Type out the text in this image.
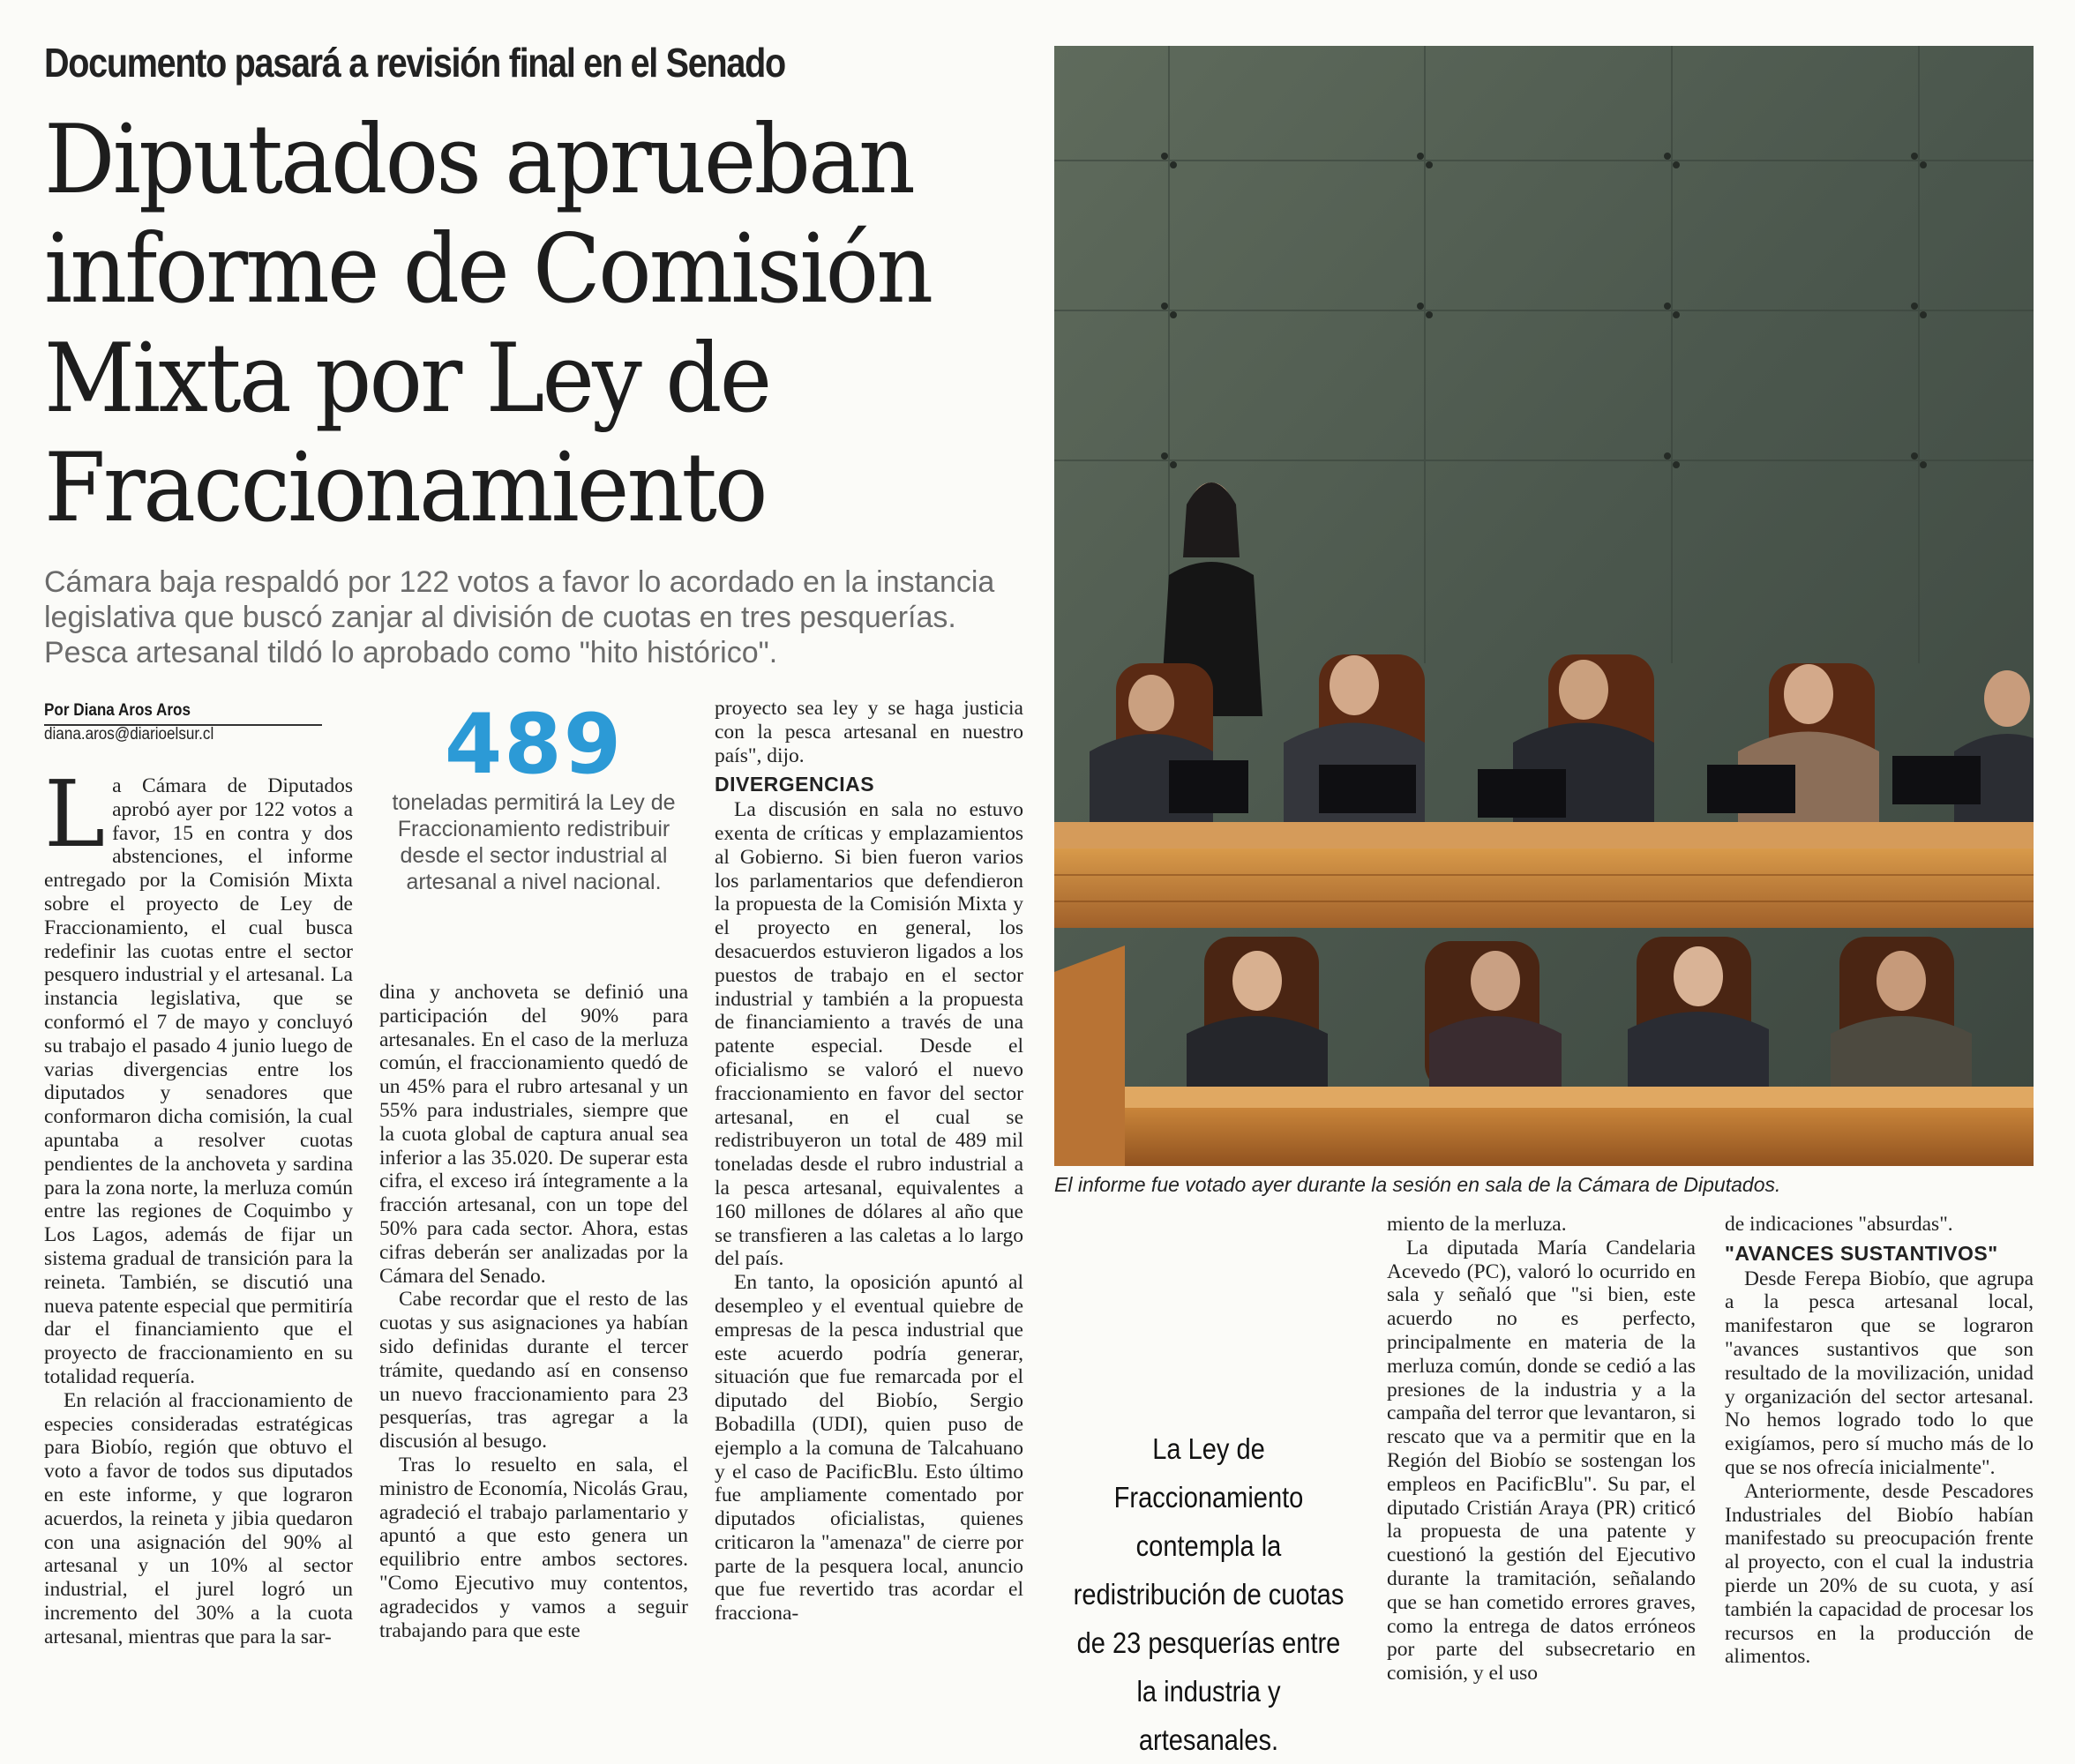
Documento pasará a revisión final en el Senado
Diputados aprueban informe de Comisión Mixta por Ley de Fraccionamiento
Cámara baja respaldó por 122 votos a favor lo acordado en la instancia legislativa que buscó zanjar al división de cuotas en tres pesquerías. Pesca artesanal tildó lo aprobado como "hito histórico".
Por Diana Aros Aros
diana.aros@diarioelsur.cl

La Cámara de Diputados aprobó ayer por 122 votos a favor, 15 en contra y dos abstenciones, el informe entregado por la Comisión Mixta sobre el proyecto de Ley de Fraccionamiento, el cual busca redefinir las cuotas entre el sector pesquero industrial y el artesanal. La instancia legislativa, que se conformó el 7 de mayo y concluyó su trabajo el pasado 4 junio luego de varias divergencias entre los diputados y senadores que conformaron dicha comisión, la cual apuntaba a resolver cuotas pendientes de la anchoveta y sardina para la zona norte, la merluza común entre las regiones de Coquimbo y Los Lagos, además de fijar un sistema gradual de transición para la reineta. También, se discutió una nueva patente especial que permitiría dar el financiamiento que el proyecto de fraccionamiento en su totalidad requería.

En relación al fraccionamiento de especies consideradas estratégicas para Biobío, región que obtuvo el voto a favor de todos sus diputados en este informe, y que lograron acuerdos, la reineta y jibia quedaron con una asignación del 90% al artesanal y un 10% al sector industrial, el jurel logró un incremento del 30% a la cuota artesanal, mientras que para la sar-

489
toneladas permitirá la Ley de Fraccionamiento redistribuir desde el sector industrial al artesanal a nivel nacional.

dina y anchoveta se definió una participación del 90% para artesanales. En el caso de la merluza común, el fraccionamiento quedó de un 45% para el rubro artesanal y un 55% para industriales, siempre que la cuota global de captura anual sea inferior a las 35.020. De superar esta cifra, el exceso irá íntegramente a la fracción artesanal, con un tope del 50% para cada sector. Ahora, estas cifras deberán ser analizadas por la Cámara del Senado.

Cabe recordar que el resto de las cuotas y sus asignaciones ya habían sido definidas durante el tercer trámite, quedando así en consenso un nuevo fraccionamiento para 23 pesquerías, tras agregar a la discusión al besugo.

Tras lo resuelto en sala, el ministro de Economía, Nicolás Grau, agradeció el trabajo parlamentario y apuntó a que esto genera un equilibrio entre ambos sectores. "Como Ejecutivo muy contentos, agradecidos y vamos a seguir trabajando para que este

proyecto sea ley y se haga justicia con la pesca artesanal en nuestro país", dijo.

DIVERGENCIAS

La discusión en sala no estuvo exenta de críticas y emplazamientos al Gobierno. Si bien fueron varios los parlamentarios que defendieron la propuesta de la Comisión Mixta y el proyecto en general, los desacuerdos estuvieron ligados a los puestos de trabajo en el sector industrial y también a la propuesta de financiamiento a través de una patente especial. Desde el oficialismo se valoró el nuevo fraccionamiento en favor del sector artesanal, en el cual se redistribuyeron un total de 489 mil toneladas desde el rubro industrial a la pesca artesanal, equivalentes a 160 millones de dólares al año que se transfieren a las caletas a lo largo del país.

En tanto, la oposición apuntó al desempleo y el eventual quiebre de empresas de la pesca industrial que este acuerdo podría generar, situación que fue remarcada por el diputado del Biobío, Sergio Bobadilla (UDI), quien puso de ejemplo a la comuna de Talcahuano y el caso de PacificBlu. Esto último fue ampliamente comentado por diputados oficialistas, quienes criticaron la "amenaza" de cierre por parte de la pesquera local, anuncio que fue revertido tras acordar el fracciona-

El informe fue votado ayer durante la sesión en sala de la Cámara de Diputados.
La Ley de Fraccionamiento contempla la redistribución de cuotas de 23 pesquerías entre la industria y artesanales.

miento de la merluza.

La diputada María Candelaria Acevedo (PC), valoró lo ocurrido en sala y señaló que "si bien, este acuerdo no es perfecto, principalmente en materia de la merluza común, donde se cedió a las presiones de la industria y a la campaña del terror que levantaron, si rescato que va a permitir que en la Región del Biobío se sostengan los empleos en PacificBlu". Su par, el diputado Cristián Araya (PR) criticó la propuesta de una patente y cuestionó la gestión del Ejecutivo durante la tramitación, señalando que se han cometido errores graves, como la entrega de datos erróneos por parte del subsecretario en comisión, y el uso

de indicaciones "absurdas".

"AVANCES SUSTANTIVOS"

Desde Ferepa Biobío, que agrupa a la pesca artesanal local, manifestaron que se lograron "avances sustantivos que son resultado de la movilización, unidad y organización del sector artesanal. No hemos logrado todo lo que exigíamos, pero sí mucho más de lo que se nos ofrecía inicialmente".

Anteriormente, desde Pescadores Industriales del Biobío habían manifestado su preocupación frente al proyecto, con el cual la industria pierde un 20% de su cuota, y así también la capacidad de procesar los recursos en la producción de alimentos.
